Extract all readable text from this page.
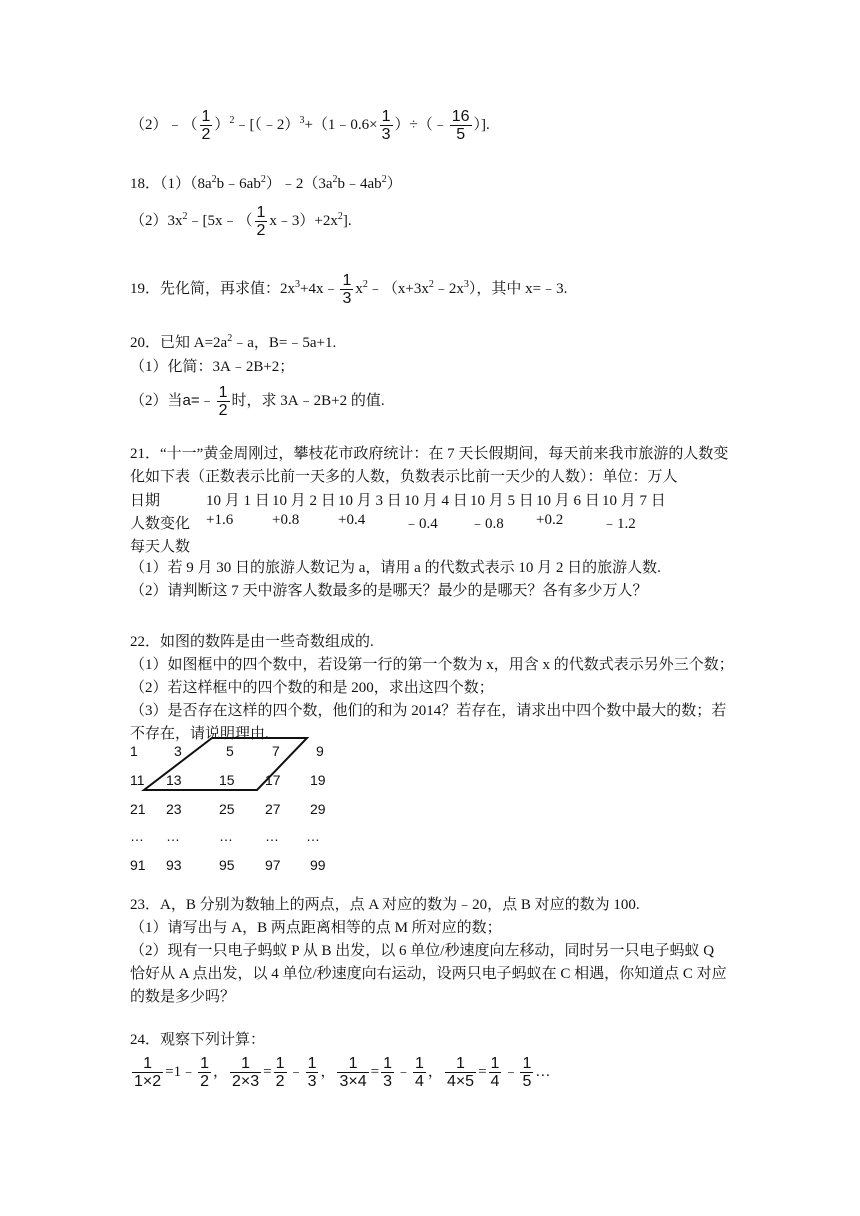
（2）﹣（ $\frac{1}{2}$ ）$^2$﹣[（﹣2）$^3$+（1﹣0.6× $\frac{1}{3}$ ）÷（﹣ $\frac{16}{5}$ ）].
18．$(1)(8a^2b﹣6ab^2)﹣2(3a^2b﹣4ab^2)$
$(2)3x^2﹣[5x﹣( \frac{1}{2}$ $x﹣3)+2x^2$].
19．先化简，再求值：$2x^3+4x﹣ \frac{1}{3}$ $x^2﹣(x+3x^2﹣2x^3)$，其中 x=﹣3.
20．已知 $A=2a^2﹣a$，B=﹣5a+1.
（1）化简：3A﹣2B+2；
（2）当a=﹣ $\frac{1}{2}$ 时，求 3A﹣2B+2 的值.
21．“十一”黄金周刚过，攀枝花市政府统计：在 7 天长假期间，每天前来我市旅游的人数变
化如下表（正数表示比前一天多的人数，负数表示比前一天少的人数）：单位：万人
日期	10 月 1 日 10 月 2 日 10 月 3 日 10 月 4 日 10 月 5 日 10 月 6 日 10 月 7 日
人数变化 +1.6	+0.8	+0.4	﹣0.4 ﹣0.8 +0.2	﹣1.2
每天人数
（1）若 9 月 30 日的旅游人数记为 a，请用 a 的代数式表示 10 月 2 日的旅游人数.
（2）请判断这 7 天中游客人数最多的是哪天？最少的是哪天？各有多少万人？
22．如图的数阵是由一些奇数组成的.
（1）如图框中的四个数中，若设第一行的第一个数为 x，用含 x 的代数式表示另外三个数；
（2）若这样框中的四个数的和是 200，求出这四个数；
（3）是否存在这样的四个数，他们的和为 2014？若存在，请求出中四个数中最大的数；若
不存在，请说明理由.
1	3	5	7	9
11 13	15 17 19
21 23	25 27 29
… …	… … …
91 93	95 97 99
23．A，B 分别为数轴上的两点，点 A 对应的数为﹣20，点 B 对应的数为 100.
（1）请写出与 A，B 两点距离相等的点 M 所对应的数；
（2）现有一只电子蚂蚁 P 从 B 出发，以 6 单位/秒速度向左移动，同时另一只电子蚂蚁 Q
恰好从 A 点出发，以 4 单位/秒速度向右运动，设两只电子蚂蚁在 C 相遇，你知道点 C 对应
的数是多少吗？
24．观察下列计算：
$\frac{1}{1\times 2}$ =1﹣ $\frac{1}{2}$ ， $\frac{1}{2\times 3} = \frac{1}{2}$ ﹣ $\frac{1}{3}$ ， $\frac{1}{3\times 4} = \frac{1}{3}$ ﹣ $\frac{1}{4}$ ， $\frac{1}{4\times 5} = \frac{1}{4}$ ﹣ $\frac{1}{5}$ …
